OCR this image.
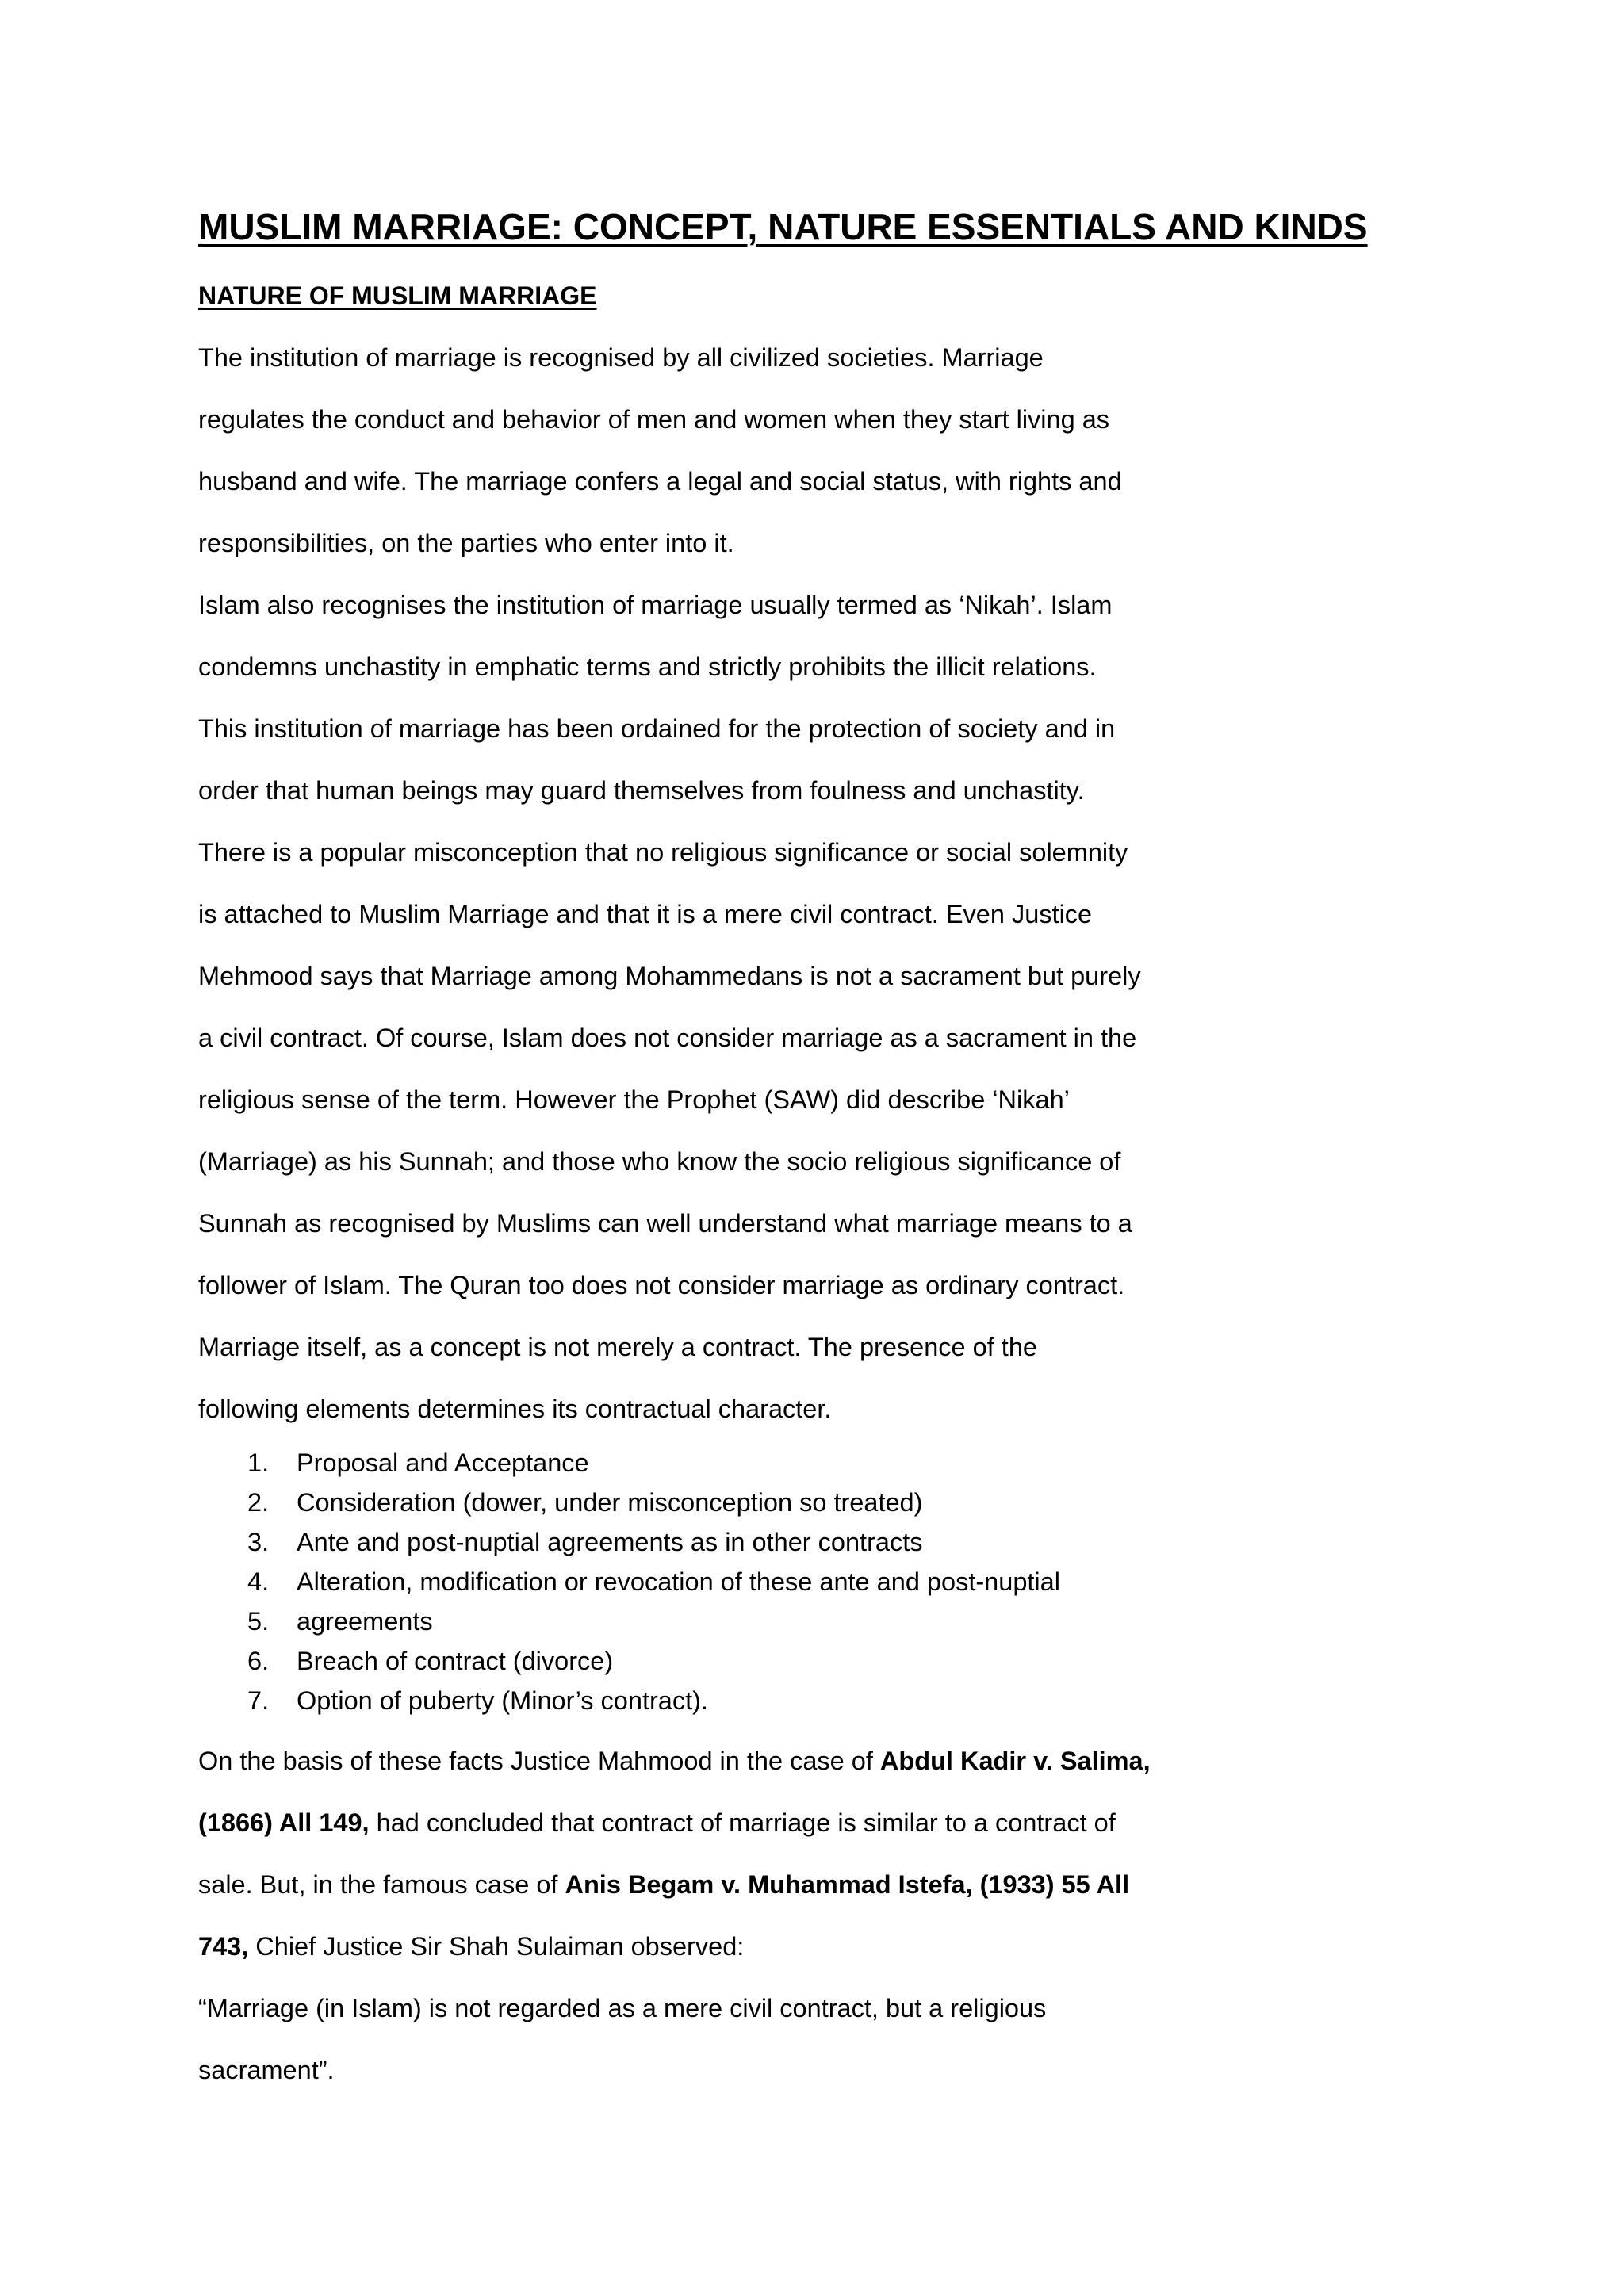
MUSLIM MARRIAGE: CONCEPT, NATURE ESSENTIALS AND KINDS
NATURE OF MUSLIM MARRIAGE
The institution of marriage is recognised by all civilized societies. Marriage
regulates the conduct and behavior of men and women when they start living as
husband and wife. The marriage confers a legal and social status, with rights and
responsibilities, on the parties who enter into it.
Islam also recognises the institution of marriage usually termed as ‘Nikah’. Islam
condemns unchastity in emphatic terms and strictly prohibits the illicit relations.
This institution of marriage has been ordained for the protection of society and in
order that human beings may guard themselves from foulness and unchastity.
There is a popular misconception that no religious significance or social solemnity
is attached to Muslim Marriage and that it is a mere civil contract. Even Justice
Mehmood says that Marriage among Mohammedans is not a sacrament but purely
a civil contract. Of course, Islam does not consider marriage as a sacrament in the
religious sense of the term. However the Prophet (SAW) did describe ‘Nikah’
(Marriage) as his Sunnah; and those who know the socio religious significance of
Sunnah as recognised by Muslims can well understand what marriage means to a
follower of Islam. The Quran too does not consider marriage as ordinary contract.
Marriage itself, as a concept is not merely a contract. The presence of the
following elements determines its contractual character.
1. Proposal and Acceptance
2. Consideration (dower, under misconception so treated)
3. Ante and post-nuptial agreements as in other contracts
4. Alteration, modification or revocation of these ante and post-nuptial
5. agreements
6. Breach of contract (divorce)
7. Option of puberty (Minor’s contract).
On the basis of these facts Justice Mahmood in the case of Abdul Kadir v. Salima,
(1866) All 149, had concluded that contract of marriage is similar to a contract of
sale. But, in the famous case of Anis Begam v. Muhammad Istefa, (1933) 55 All
743, Chief Justice Sir Shah Sulaiman observed:
“Marriage (in Islam) is not regarded as a mere civil contract, but a religious
sacrament”.
